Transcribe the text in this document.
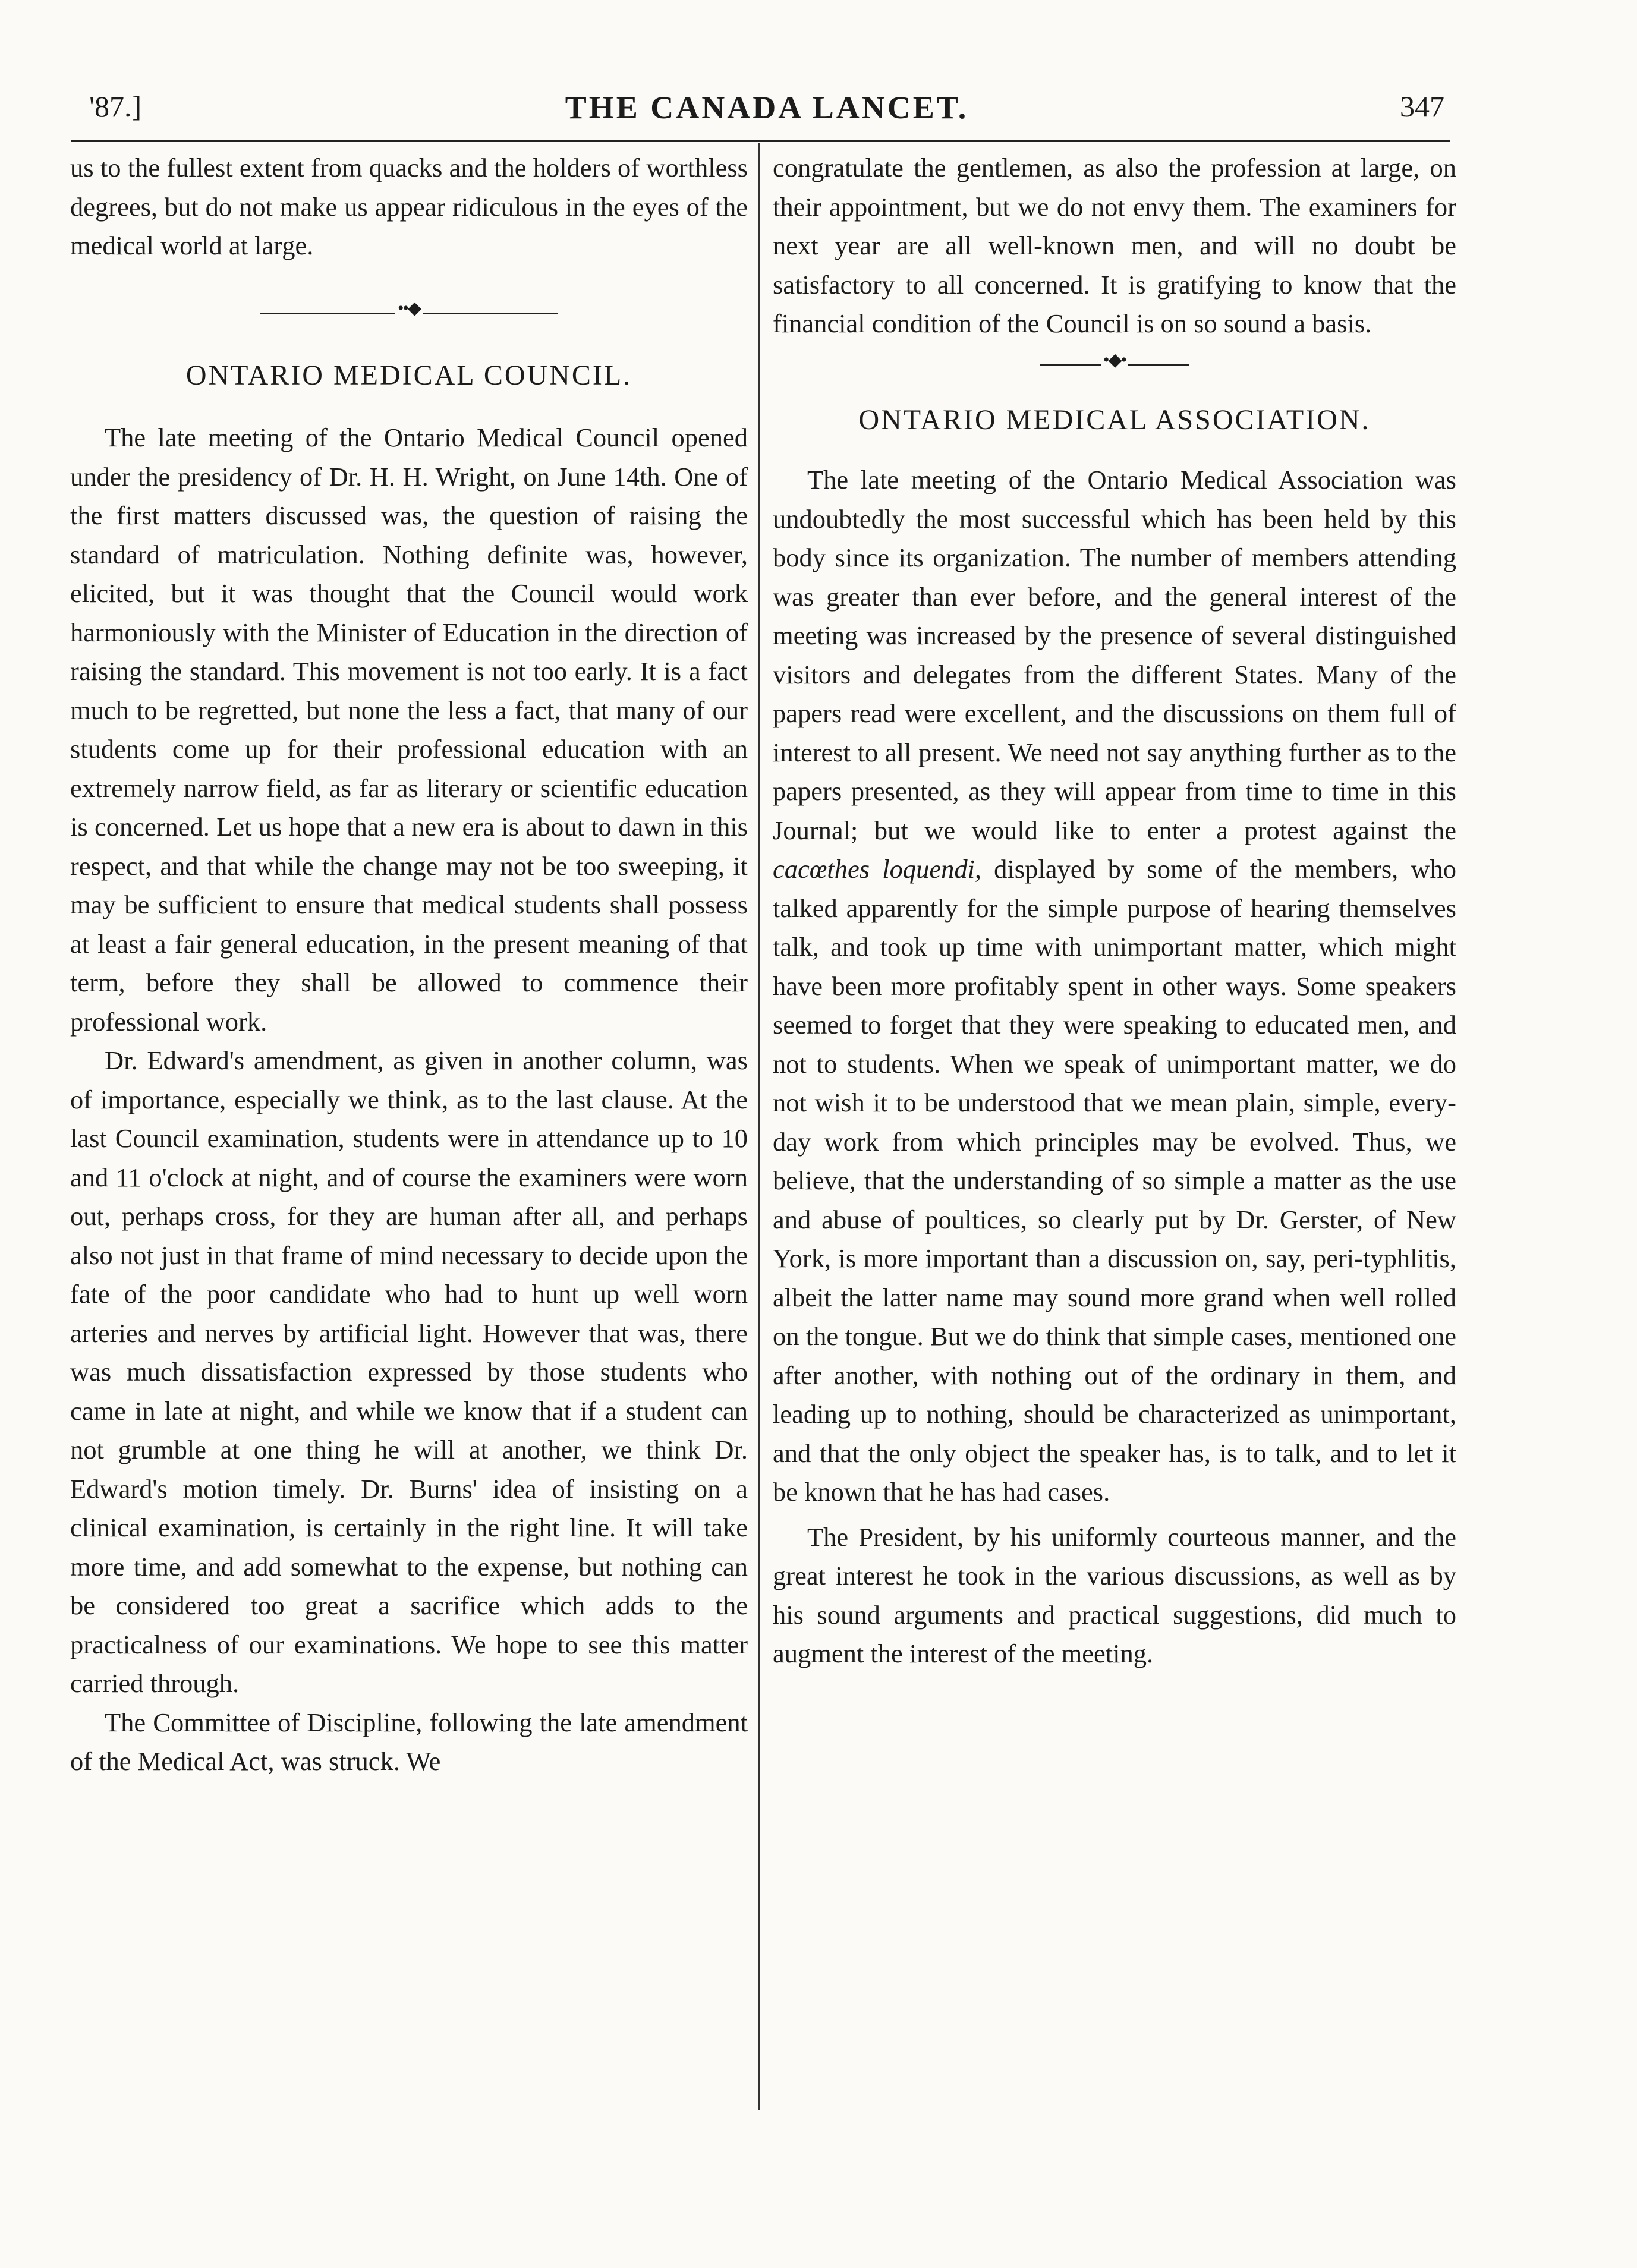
'87.]	THE CANADA LANCET.	347

us to the fullest extent from quacks and the holders of worthless degrees, but do not make us appear ridiculous in the eyes of the medical world at large.

••◆

ONTARIO MEDICAL COUNCIL.

The late meeting of the Ontario Medical Council opened under the presidency of Dr. H. H. Wright, on June 14th. One of the first matters discussed was, the question of raising the standard of matriculation. Nothing definite was, however, elicited, but it was thought that the Council would work harmoniously with the Minister of Education in the direction of raising the standard. This movement is not too early. It is a fact much to be regretted, but none the less a fact, that many of our students come up for their professional education with an extremely narrow field, as far as literary or scientific education is concerned. Let us hope that a new era is about to dawn in this respect, and that while the change may not be too sweeping, it may be sufficient to ensure that medical students shall possess at least a fair general education, in the present meaning of that term, before they shall be allowed to commence their professional work.

Dr. Edward's amendment, as given in another column, was of importance, especially we think, as to the last clause. At the last Council examination, students were in attendance up to 10 and 11 o'clock at night, and of course the examiners were worn out, perhaps cross, for they are human after all, and perhaps also not just in that frame of mind necessary to decide upon the fate of the poor candidate who had to hunt up well worn arteries and nerves by artificial light. However that was, there was much dissatisfaction expressed by those students who came in late at night, and while we know that if a student can not grumble at one thing he will at another, we think Dr. Edward's motion timely. Dr. Burns' idea of insisting on a clinical examination, is certainly in the right line. It will take more time, and add somewhat to the expense, but nothing can be considered too great a sacrifice which adds to the practicalness of our examinations. We hope to see this matter carried through.

The Committee of Discipline, following the late amendment of the Medical Act, was struck. We

congratulate the gentlemen, as also the profession at large, on their appointment, but we do not envy them. The examiners for next year are all well-known men, and will no doubt be satisfactory to all concerned. It is gratifying to know that the financial condition of the Council is on so sound a basis.

•◆•

ONTARIO MEDICAL ASSOCIATION.

The late meeting of the Ontario Medical Association was undoubtedly the most successful which has been held by this body since its organization. The number of members attending was greater than ever before, and the general interest of the meeting was increased by the presence of several distinguished visitors and delegates from the different States. Many of the papers read were excellent, and the discussions on them full of interest to all present. We need not say anything further as to the papers presented, as they will appear from time to time in this Journal; but we would like to enter a protest against the cacœthes loquendi, displayed by some of the members, who talked apparently for the simple purpose of hearing themselves talk, and took up time with unimportant matter, which might have been more profitably spent in other ways. Some speakers seemed to forget that they were speaking to educated men, and not to students. When we speak of unimportant matter, we do not wish it to be understood that we mean plain, simple, every-day work from which principles may be evolved. Thus, we believe, that the understanding of so simple a matter as the use and abuse of poultices, so clearly put by Dr. Gerster, of New York, is more important than a discussion on, say, peri-typhlitis, albeit the latter name may sound more grand when well rolled on the tongue. But we do think that simple cases, mentioned one after another, with nothing out of the ordinary in them, and leading up to nothing, should be characterized as unimportant, and that the only object the speaker has, is to talk, and to let it be known that he has had cases.

The President, by his uniformly courteous manner, and the great interest he took in the various discussions, as well as by his sound arguments and practical suggestions, did much to augment the interest of the meeting.
